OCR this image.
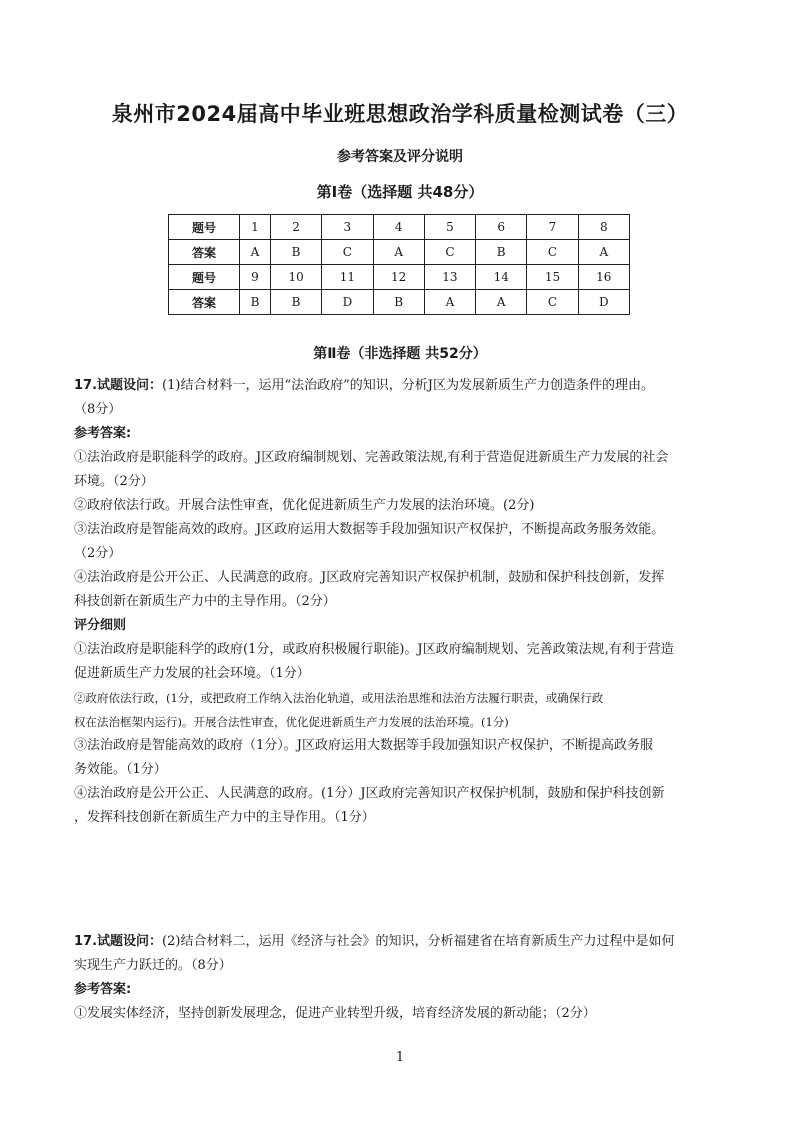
泉州市2024届高中毕业班思想政治学科质量检测试卷（三）
参考答案及评分说明
第Ⅰ卷（选择题 共48分）
题号	1	2	3	4	5	6	7	8
答案	A	B	C	A	C	B	C	A
题号	9	10	11	12	13	14	15	16
答案	B	B	D	B	A	A	C	D
第Ⅱ卷（非选择题 共52分）

17.试题设问：(1)结合材料一，运用“法治政府”的知识，分析J区为发展新质生产力创造条件的理由。

（8分）

参考答案:

①法治政府是职能科学的政府。J区政府编制规划、完善政策法规,有利于营造促进新质生产力发展的社会

环境。（2分）

②政府依法行政。开展合法性审查，优化促进新质生产力发展的法治环境。(2分)

③法治政府是智能高效的政府。J区政府运用大数据等手段加强知识产权保护，不断提高政务服务效能。

（2分）

④法治政府是公开公正、人民满意的政府。J区政府完善知识产权保护机制，鼓励和保护科技创新，发挥

科技创新在新质生产力中的主导作用。（2分）

评分细则

①法治政府是职能科学的政府(1分，或政府积极履行职能)。J区政府编制规划、完善政策法规,有利于营造

促进新质生产力发展的社会环境。（1分）

②政府依法行政，(1分，或把政府工作纳入法治化轨道，或用法治思维和法治方法履行职责，或确保行政

权在法治框架内运行)。开展合法性审查，优化促进新质生产力发展的法治环境。(1分)

③法治政府是智能高效的政府（1分）。J区政府运用大数据等手段加强知识产权保护，不断提高政务服

务效能。（1分）

④法治政府是公开公正、人民满意的政府。(1分）J区政府完善知识产权保护机制，鼓励和保护科技创新

，发挥科技创新在新质生产力中的主导作用。（1分）

17.试题设问：(2)结合材料二，运用《经济与社会》的知识，分析福建省在培育新质生产力过程中是如何

实现生产力跃迁的。（8分）

参考答案:

①发展实体经济，坚持创新发展理念，促进产业转型升级，培育经济发展的新动能；（2分）

1
